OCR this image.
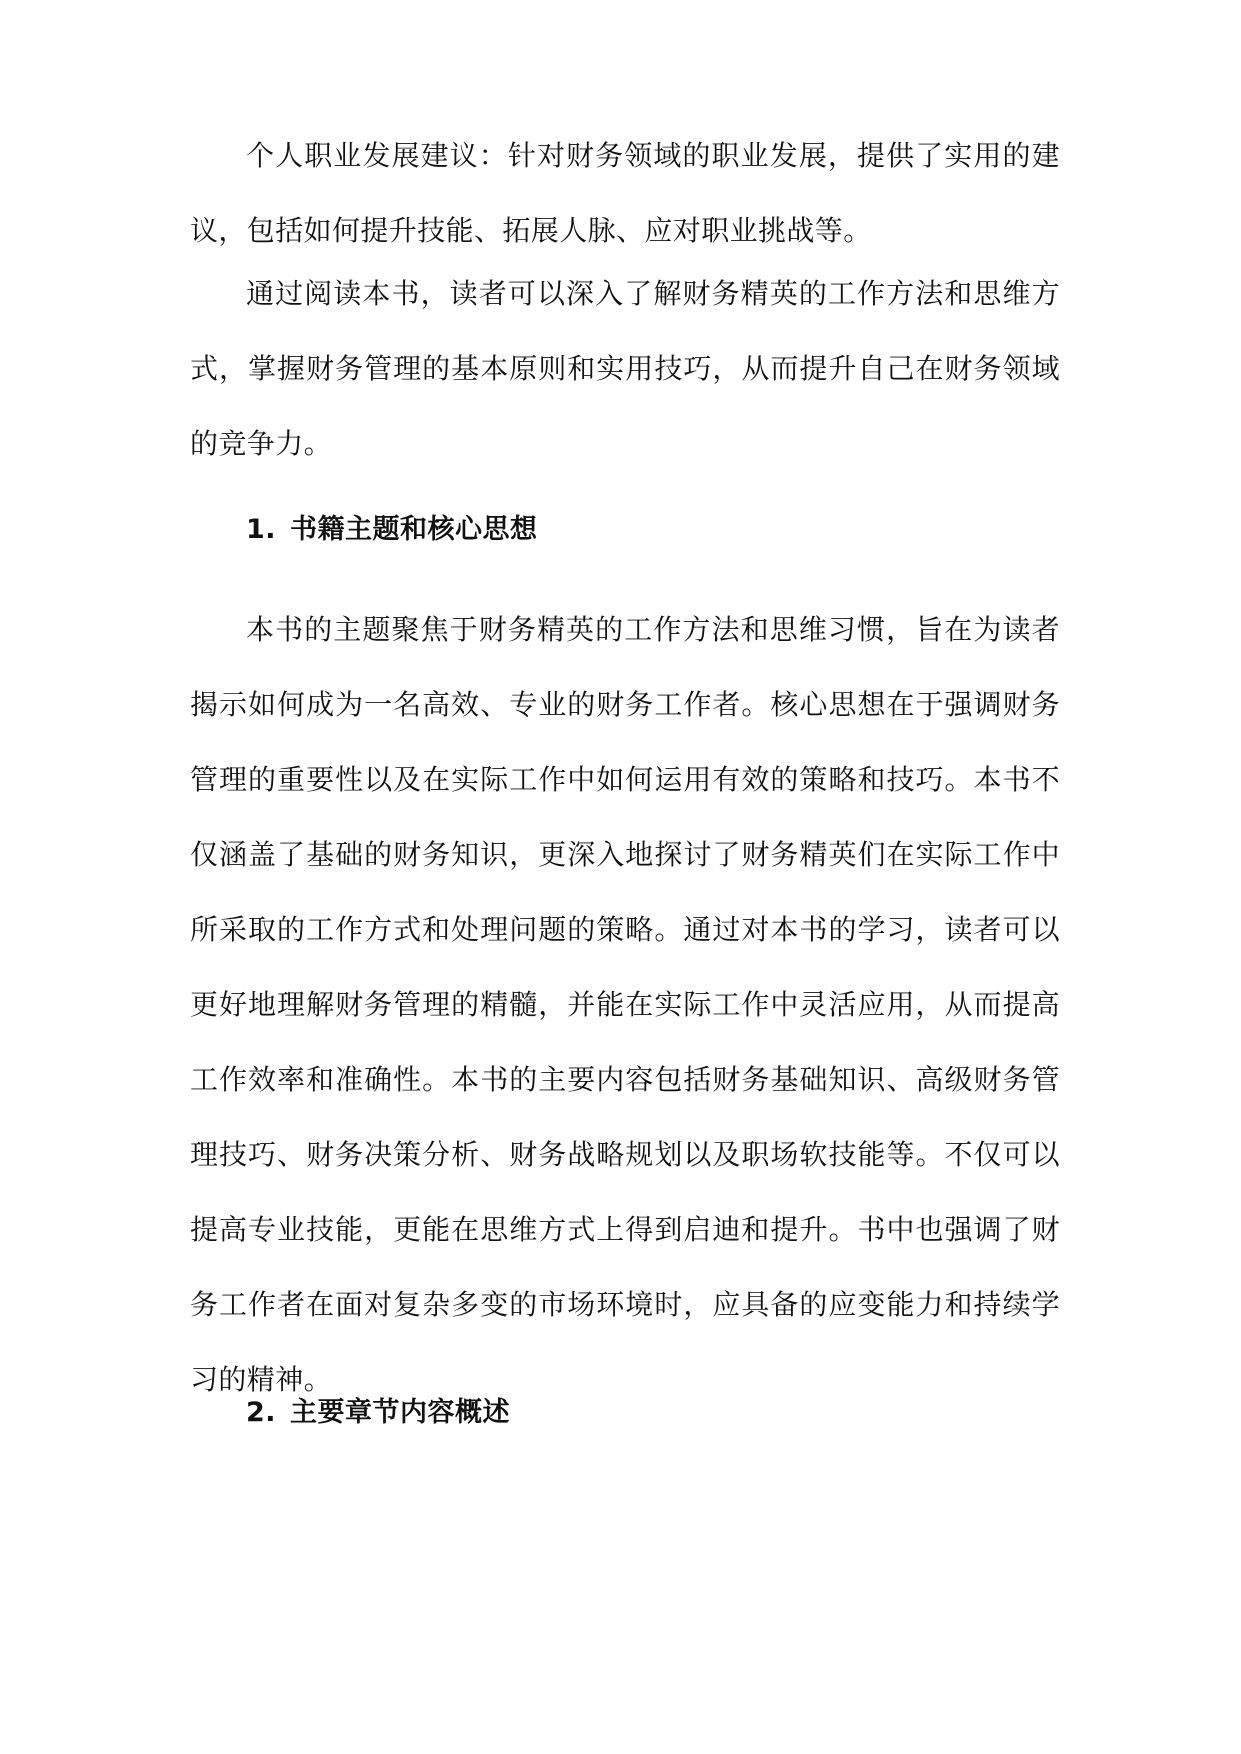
个人职业发展建议：针对财务领域的职业发展，提供了实用的建议，包括如何提升技能、拓展人脉、应对职业挑战等。

通过阅读本书，读者可以深入了解财务精英的工作方法和思维方式，掌握财务管理的基本原则和实用技巧，从而提升自己在财务领域的竞争力。

1. 书籍主题和核心思想

本书的主题聚焦于财务精英的工作方法和思维习惯，旨在为读者揭示如何成为一名高效、专业的财务工作者。核心思想在于强调财务管理的重要性以及在实际工作中如何运用有效的策略和技巧。本书不仅涵盖了基础的财务知识，更深入地探讨了财务精英们在实际工作中所采取的工作方式和处理问题的策略。通过对本书的学习，读者可以更好地理解财务管理的精髓，并能在实际工作中灵活应用，从而提高工作效率和准确性。本书的主要内容包括财务基础知识、高级财务管理技巧、财务决策分析、财务战略规划以及职场软技能等。不仅可以提高专业技能，更能在思维方式上得到启迪和提升。书中也强调了财务工作者在面对复杂多变的市场环境时，应具备的应变能力和持续学习的精神。

2. 主要章节内容概述
